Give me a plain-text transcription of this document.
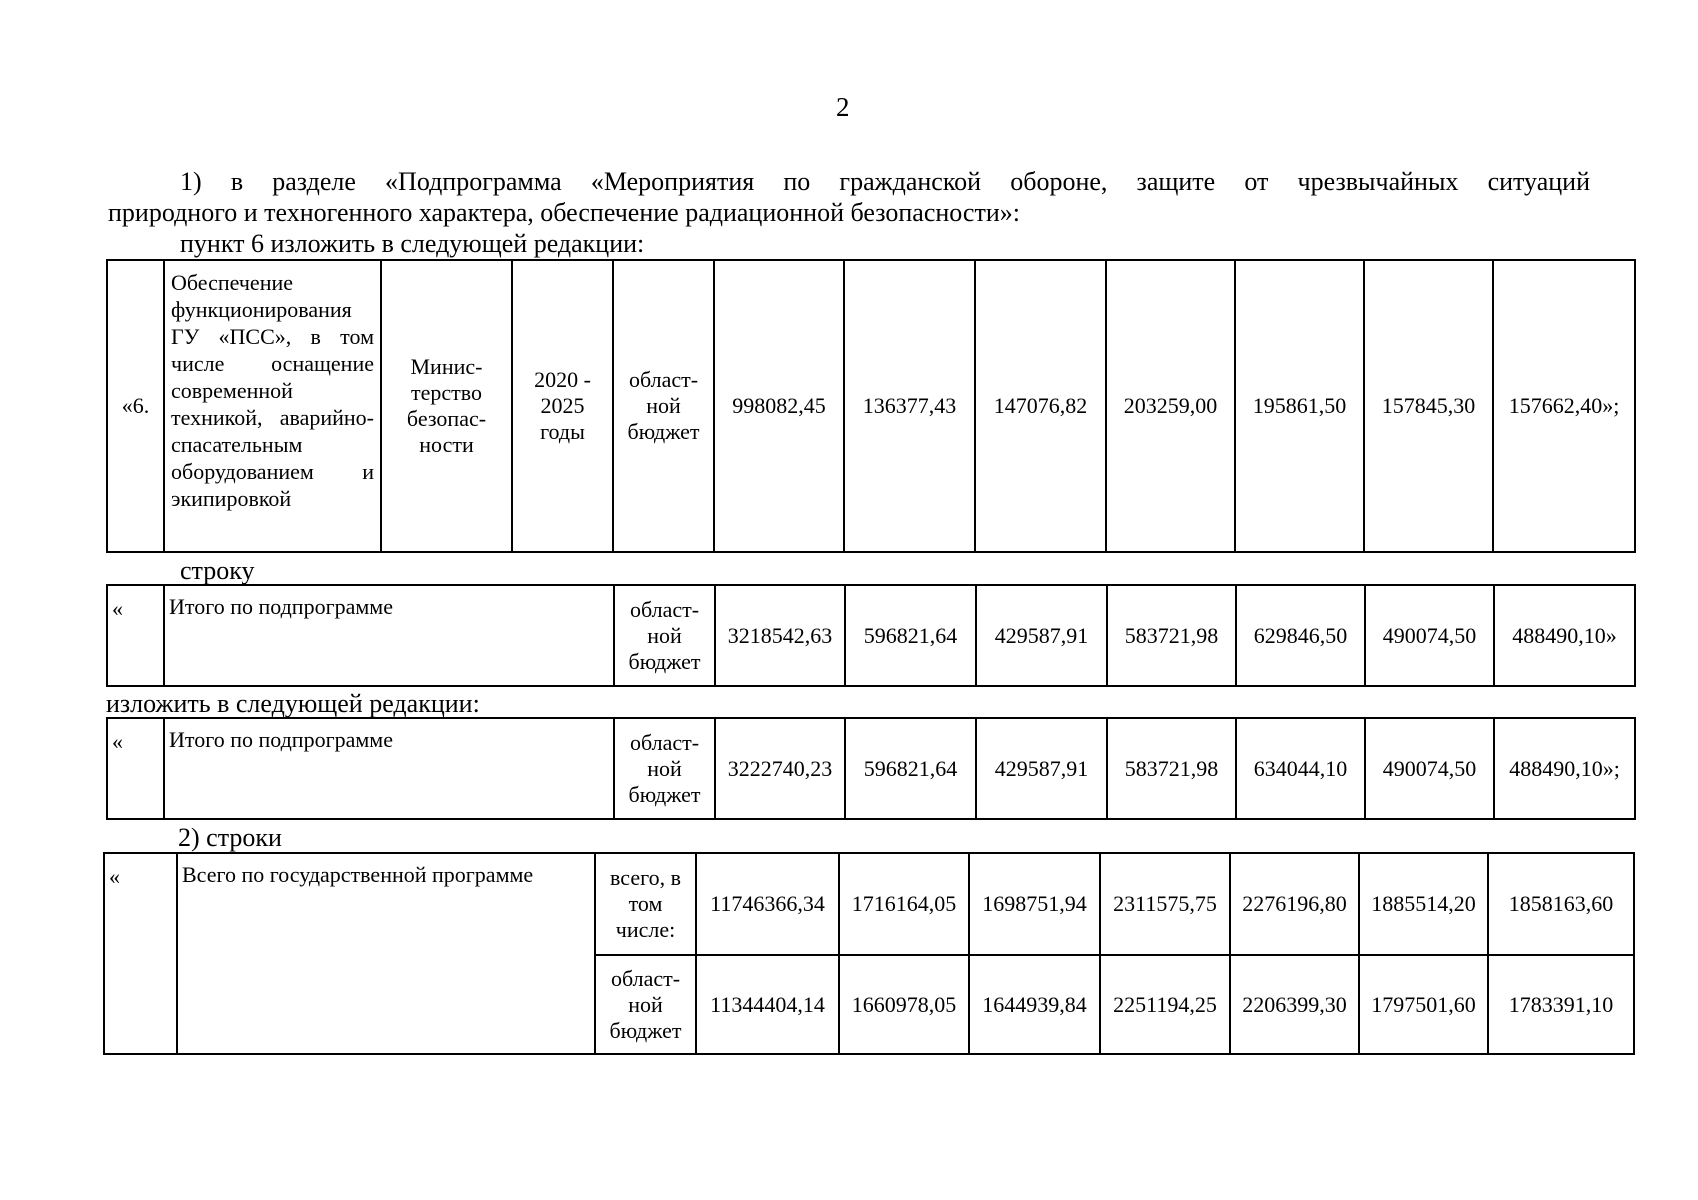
2
1) в разделе «Подпрограмма «Мероприятия по гражданской обороне, защите от чрезвычайных ситуаций
природного и техногенного характера, обеспечение радиационной безопасности»:
пункт 6 изложить в следующей редакции:
«6.	Обеспечение функционирования ГУ «ПСС», в том числе оснащение современной техникой, аварийно-спасательным оборудованием и экипировкой	Минис-терство безопас-ности	2020 - 2025 годы	област-ной бюджет	998082,45	136377,43	147076,82	203259,00	195861,50	157845,30	157662,40»;
строку
«	Итого по подпрограмме	област-ной бюджет	3218542,63	596821,64	429587,91	583721,98	629846,50	490074,50	488490,10»
изложить в следующей редакции:
«	Итого по подпрограмме	област-ной бюджет	3222740,23	596821,64	429587,91	583721,98	634044,10	490074,50	488490,10»;
2) строки
«	Всего по государственной программе	всего, в том числе:	11746366,34	1716164,05	1698751,94	2311575,75	2276196,80	1885514,20	1858163,60
		област-ной бюджет	11344404,14	1660978,05	1644939,84	2251194,25	2206399,30	1797501,60	1783391,10
